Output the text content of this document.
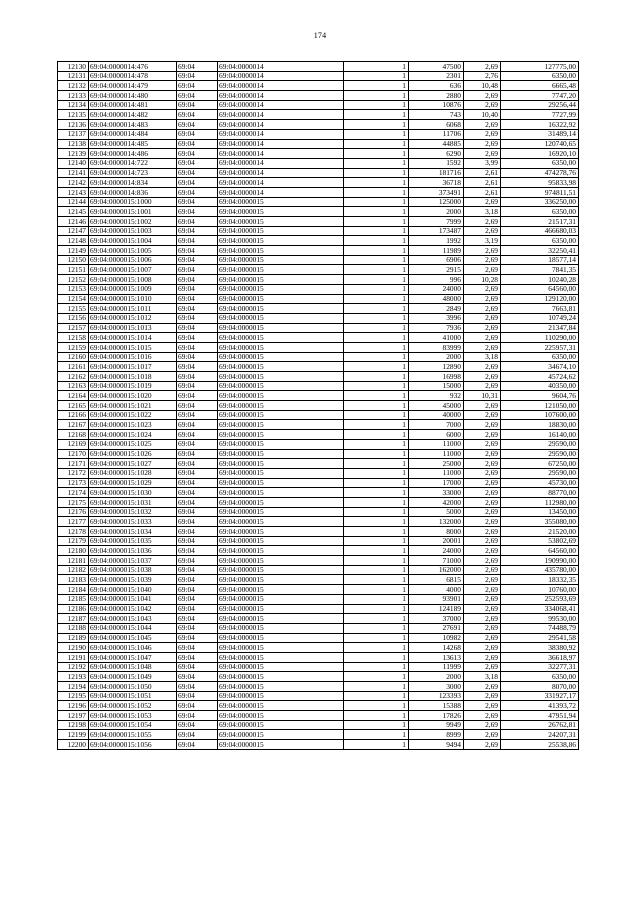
174
12130	69:04:0000014:476	69:04	69:04:0000014	1	47500	2,69	127775,00
12131	69:04:0000014:478	69:04	69:04:0000014	1	2301	2,76	6350,00
12132	69:04:0000014:479	69:04	69:04:0000014	1	636	10,48	6665,48
12133	69:04:0000014:480	69:04	69:04:0000014	1	2880	2,69	7747,20
12134	69:04:0000014:481	69:04	69:04:0000014	1	10876	2,69	29256,44
12135	69:04:0000014:482	69:04	69:04:0000014	1	743	10,40	7727,99
12136	69:04:0000014:483	69:04	69:04:0000014	1	6068	2,69	16322,92
12137	69:04:0000014:484	69:04	69:04:0000014	1	11706	2,69	31489,14
12138	69:04:0000014:485	69:04	69:04:0000014	1	44885	2,69	120740,65
12139	69:04:0000014:486	69:04	69:04:0000014	1	6290	2,69	16920,10
12140	69:04:0000014:722	69:04	69:04:0000014	1	1592	3,99	6350,00
12141	69:04:0000014:723	69:04	69:04:0000014	1	181716	2,61	474278,76
12142	69:04:0000014:834	69:04	69:04:0000014	1	36718	2,61	95833,98
12143	69:04:0000014:836	69:04	69:04:0000014	1	373491	2,61	974811,51
12144	69:04:0000015:1000	69:04	69:04:0000015	1	125000	2,69	336250,00
12145	69:04:0000015:1001	69:04	69:04:0000015	1	2000	3,18	6350,00
12146	69:04:0000015:1002	69:04	69:04:0000015	1	7999	2,69	21517,31
12147	69:04:0000015:1003	69:04	69:04:0000015	1	173487	2,69	466680,03
12148	69:04:0000015:1004	69:04	69:04:0000015	1	1992	3,19	6350,00
12149	69:04:0000015:1005	69:04	69:04:0000015	1	11989	2,69	32250,41
12150	69:04:0000015:1006	69:04	69:04:0000015	1	6906	2,69	18577,14
12151	69:04:0000015:1007	69:04	69:04:0000015	1	2915	2,69	7841,35
12152	69:04:0000015:1008	69:04	69:04:0000015	1	996	10,28	10240,28
12153	69:04:0000015:1009	69:04	69:04:0000015	1	24000	2,69	64560,00
12154	69:04:0000015:1010	69:04	69:04:0000015	1	48000	2,69	129120,00
12155	69:04:0000015:1011	69:04	69:04:0000015	1	2849	2,69	7663,81
12156	69:04:0000015:1012	69:04	69:04:0000015	1	3996	2,69	10749,24
12157	69:04:0000015:1013	69:04	69:04:0000015	1	7936	2,69	21347,84
12158	69:04:0000015:1014	69:04	69:04:0000015	1	41000	2,69	110290,00
12159	69:04:0000015:1015	69:04	69:04:0000015	1	83999	2,69	225957,31
12160	69:04:0000015:1016	69:04	69:04:0000015	1	2000	3,18	6350,00
12161	69:04:0000015:1017	69:04	69:04:0000015	1	12890	2,69	34674,10
12162	69:04:0000015:1018	69:04	69:04:0000015	1	16998	2,69	45724,62
12163	69:04:0000015:1019	69:04	69:04:0000015	1	15000	2,69	40350,00
12164	69:04:0000015:1020	69:04	69:04:0000015	1	932	10,31	9604,76
12165	69:04:0000015:1021	69:04	69:04:0000015	1	45000	2,69	121050,00
12166	69:04:0000015:1022	69:04	69:04:0000015	1	40000	2,69	107600,00
12167	69:04:0000015:1023	69:04	69:04:0000015	1	7000	2,69	18830,00
12168	69:04:0000015:1024	69:04	69:04:0000015	1	6000	2,69	16140,00
12169	69:04:0000015:1025	69:04	69:04:0000015	1	11000	2,69	29590,00
12170	69:04:0000015:1026	69:04	69:04:0000015	1	11000	2,69	29590,00
12171	69:04:0000015:1027	69:04	69:04:0000015	1	25000	2,69	67250,00
12172	69:04:0000015:1028	69:04	69:04:0000015	1	11000	2,69	29590,00
12173	69:04:0000015:1029	69:04	69:04:0000015	1	17000	2,69	45730,00
12174	69:04:0000015:1030	69:04	69:04:0000015	1	33000	2,69	88770,00
12175	69:04:0000015:1031	69:04	69:04:0000015	1	42000	2,69	112980,00
12176	69:04:0000015:1032	69:04	69:04:0000015	1	5000	2,69	13450,00
12177	69:04:0000015:1033	69:04	69:04:0000015	1	132000	2,69	355080,00
12178	69:04:0000015:1034	69:04	69:04:0000015	1	8000	2,69	21520,00
12179	69:04:0000015:1035	69:04	69:04:0000015	1	20001	2,69	53802,69
12180	69:04:0000015:1036	69:04	69:04:0000015	1	24000	2,69	64560,00
12181	69:04:0000015:1037	69:04	69:04:0000015	1	71000	2,69	190990,00
12182	69:04:0000015:1038	69:04	69:04:0000015	1	162000	2,69	435780,00
12183	69:04:0000015:1039	69:04	69:04:0000015	1	6815	2,69	18332,35
12184	69:04:0000015:1040	69:04	69:04:0000015	1	4000	2,69	10760,00
12185	69:04:0000015:1041	69:04	69:04:0000015	1	93901	2,69	252593,69
12186	69:04:0000015:1042	69:04	69:04:0000015	1	124189	2,69	334068,41
12187	69:04:0000015:1043	69:04	69:04:0000015	1	37000	2,69	99530,00
12188	69:04:0000015:1044	69:04	69:04:0000015	1	27691	2,69	74488,79
12189	69:04:0000015:1045	69:04	69:04:0000015	1	10982	2,69	29541,58
12190	69:04:0000015:1046	69:04	69:04:0000015	1	14268	2,69	38380,92
12191	69:04:0000015:1047	69:04	69:04:0000015	1	13613	2,69	36618,97
12192	69:04:0000015:1048	69:04	69:04:0000015	1	11999	2,69	32277,31
12193	69:04:0000015:1049	69:04	69:04:0000015	1	2000	3,18	6350,00
12194	69:04:0000015:1050	69:04	69:04:0000015	1	3000	2,69	8070,00
12195	69:04:0000015:1051	69:04	69:04:0000015	1	123393	2,69	331927,17
12196	69:04:0000015:1052	69:04	69:04:0000015	1	15388	2,69	41393,72
12197	69:04:0000015:1053	69:04	69:04:0000015	1	17826	2,69	47951,94
12198	69:04:0000015:1054	69:04	69:04:0000015	1	9949	2,69	26762,81
12199	69:04:0000015:1055	69:04	69:04:0000015	1	8999	2,69	24207,31
12200	69:04:0000015:1056	69:04	69:04:0000015	1	9494	2,69	25538,86
